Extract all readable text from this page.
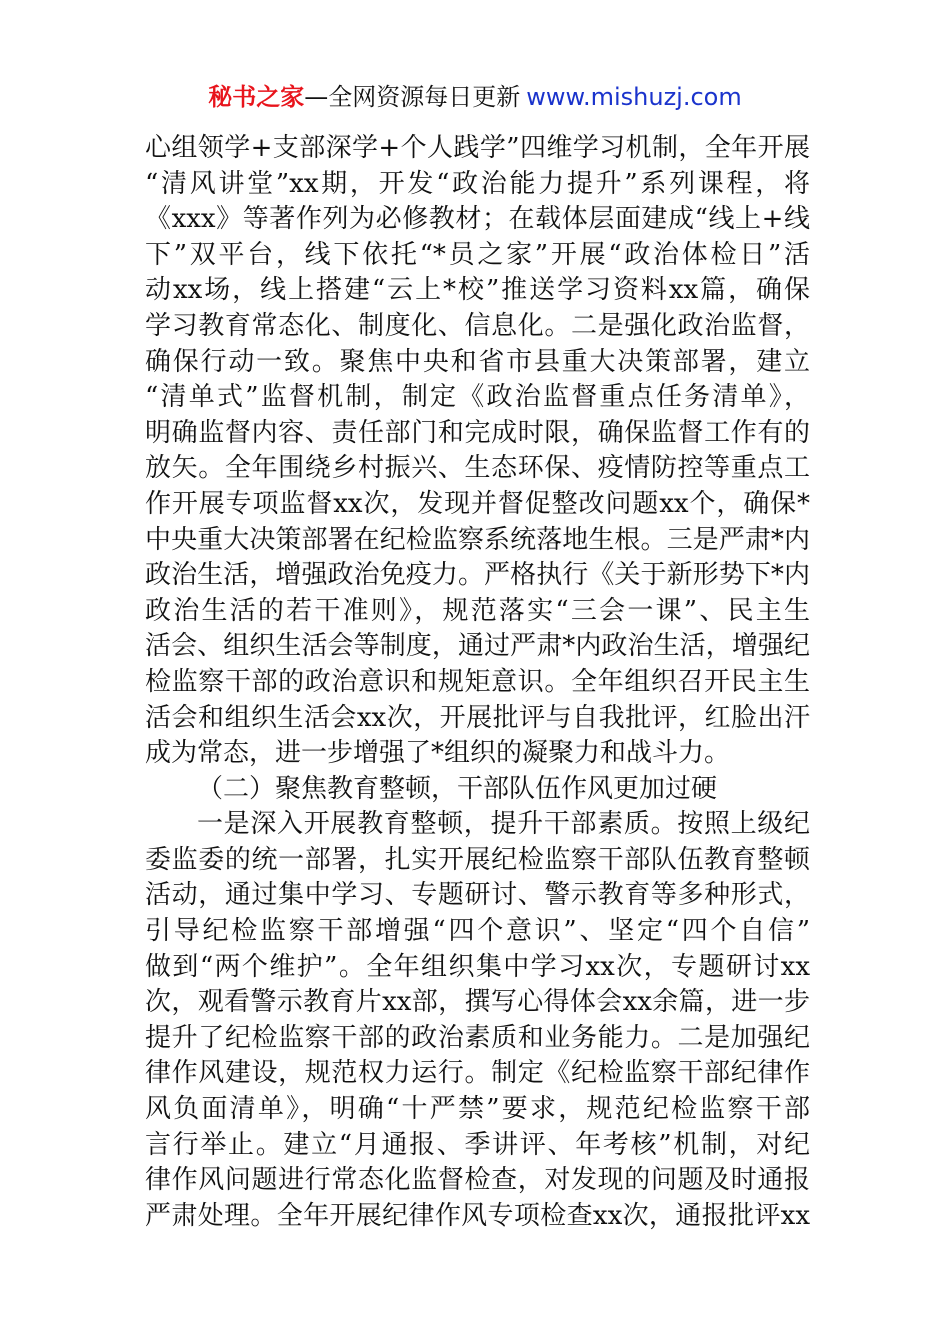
秘书之家—全网资源每日更新 www.mishuzj.com
心组领学+支部深学+个人践学”四维学习机制，全年开展
“清风讲堂”xx期，开发“政治能力提升”系列课程，将
《xxx》等著作列为必修教材；在载体层面建成“线上+线
下”双平台，线下依托“*员之家”开展“政治体检日”活
动xx场，线上搭建“云上*校”推送学习资料xx篇，确保
学习教育常态化、制度化、信息化。二是强化政治监督，
确保行动一致。聚焦中央和省市县重大决策部署，建立
“清单式”监督机制，制定《政治监督重点任务清单》，
明确监督内容、责任部门和完成时限，确保监督工作有的
放矢。全年围绕乡村振兴、生态环保、疫情防控等重点工
作开展专项监督xx次，发现并督促整改问题xx个，确保*
中央重大决策部署在纪检监察系统落地生根。三是严肃*内
政治生活，增强政治免疫力。严格执行《关于新形势下*内
政治生活的若干准则》，规范落实“三会一课”、民主生
活会、组织生活会等制度，通过严肃*内政治生活，增强纪
检监察干部的政治意识和规矩意识。全年组织召开民主生
活会和组织生活会xx次，开展批评与自我批评，红脸出汗
成为常态，进一步增强了*组织的凝聚力和战斗力。
（二）聚焦教育整顿，干部队伍作风更加过硬
一是深入开展教育整顿，提升干部素质。按照上级纪
委监委的统一部署，扎实开展纪检监察干部队伍教育整顿
活动，通过集中学习、专题研讨、警示教育等多种形式，
引导纪检监察干部增强“四个意识”、坚定“四个自信”
做到“两个维护”。全年组织集中学习xx次，专题研讨xx
次，观看警示教育片xx部，撰写心得体会xx余篇，进一步
提升了纪检监察干部的政治素质和业务能力。二是加强纪
律作风建设，规范权力运行。制定《纪检监察干部纪律作
风负面清单》，明确“十严禁”要求，规范纪检监察干部
言行举止。建立“月通报、季讲评、年考核”机制，对纪
律作风问题进行常态化监督检查，对发现的问题及时通报
严肃处理。全年开展纪律作风专项检查xx次，通报批评xx
